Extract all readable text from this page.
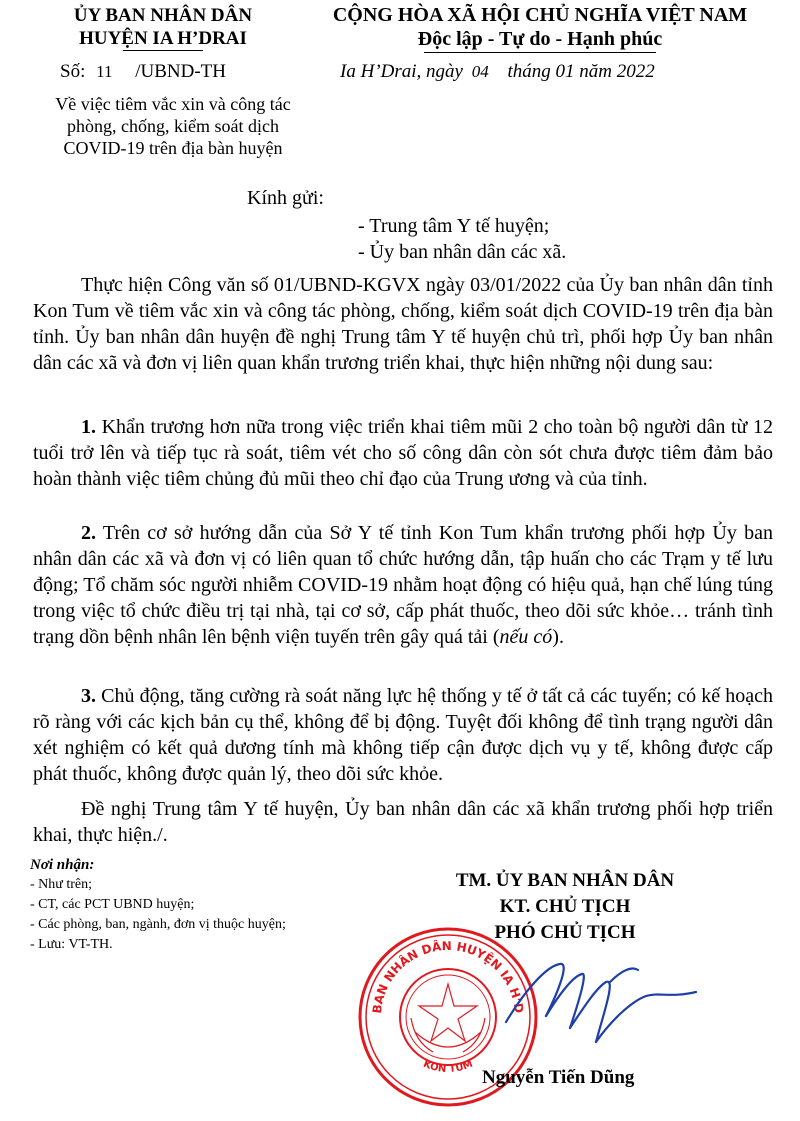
ỦY BAN NHÂN DÂN
HUYỆN IA H’DRAI
CỘNG HÒA XÃ HỘI CHỦ NGHĨA VIỆT NAM
Độc lập - Tự do - Hạnh phúc
Số: 11 /UBND-TH	Ia H’Drai, ngày 04 tháng 01 năm 2022
Về việc tiêm vắc xin và công tác
phòng, chống, kiểm soát dịch
COVID-19 trên địa bàn huyện
Kính gửi:
- Trung tâm Y tế huyện;
- Ủy ban nhân dân các xã.
Thực hiện Công văn số 01/UBND-KGVX ngày 03/01/2022 của Ủy ban nhân dân tỉnh Kon Tum về tiêm vắc xin và công tác phòng, chống, kiểm soát dịch COVID-19 trên địa bàn tỉnh. Ủy ban nhân dân huyện đề nghị Trung tâm Y tế huyện chủ trì, phối hợp Ủy ban nhân dân các xã và đơn vị liên quan khẩn trương triển khai, thực hiện những nội dung sau:
1. Khẩn trương hơn nữa trong việc triển khai tiêm mũi 2 cho toàn bộ người dân từ 12 tuổi trở lên và tiếp tục rà soát, tiêm vét cho số công dân còn sót chưa được tiêm đảm bảo hoàn thành việc tiêm chủng đủ mũi theo chỉ đạo của Trung ương và của tỉnh.
2. Trên cơ sở hướng dẫn của Sở Y tế tỉnh Kon Tum khẩn trương phối hợp Ủy ban nhân dân các xã và đơn vị có liên quan tổ chức hướng dẫn, tập huấn cho các Trạm y tế lưu động; Tổ chăm sóc người nhiễm COVID-19 nhằm hoạt động có hiệu quả, hạn chế lúng túng trong việc tổ chức điều trị tại nhà, tại cơ sở, cấp phát thuốc, theo dõi sức khỏe… tránh tình trạng dồn bệnh nhân lên bệnh viện tuyến trên gây quá tải (nếu có).
3. Chủ động, tăng cường rà soát năng lực hệ thống y tế ở tất cả các tuyến; có kế hoạch rõ ràng với các kịch bản cụ thể, không để bị động. Tuyệt đối không để tình trạng người dân xét nghiệm có kết quả dương tính mà không tiếp cận được dịch vụ y tế, không được cấp phát thuốc, không được quản lý, theo dõi sức khỏe.
Đề nghị Trung tâm Y tế huyện, Ủy ban nhân dân các xã khẩn trương phối hợp triển khai, thực hiện./.
Nơi nhận:
- Như trên;
- CT, các PCT UBND huyện;
- Các phòng, ban, ngành, đơn vị thuộc huyện;
- Lưu: VT-TH.
TM. ỦY BAN NHÂN DÂN
KT. CHỦ TỊCH
PHÓ CHỦ TỊCH
BAN NHÂN DÂN HUYỆN IA H’D
KON TUM
Nguyễn Tiến Dũng
